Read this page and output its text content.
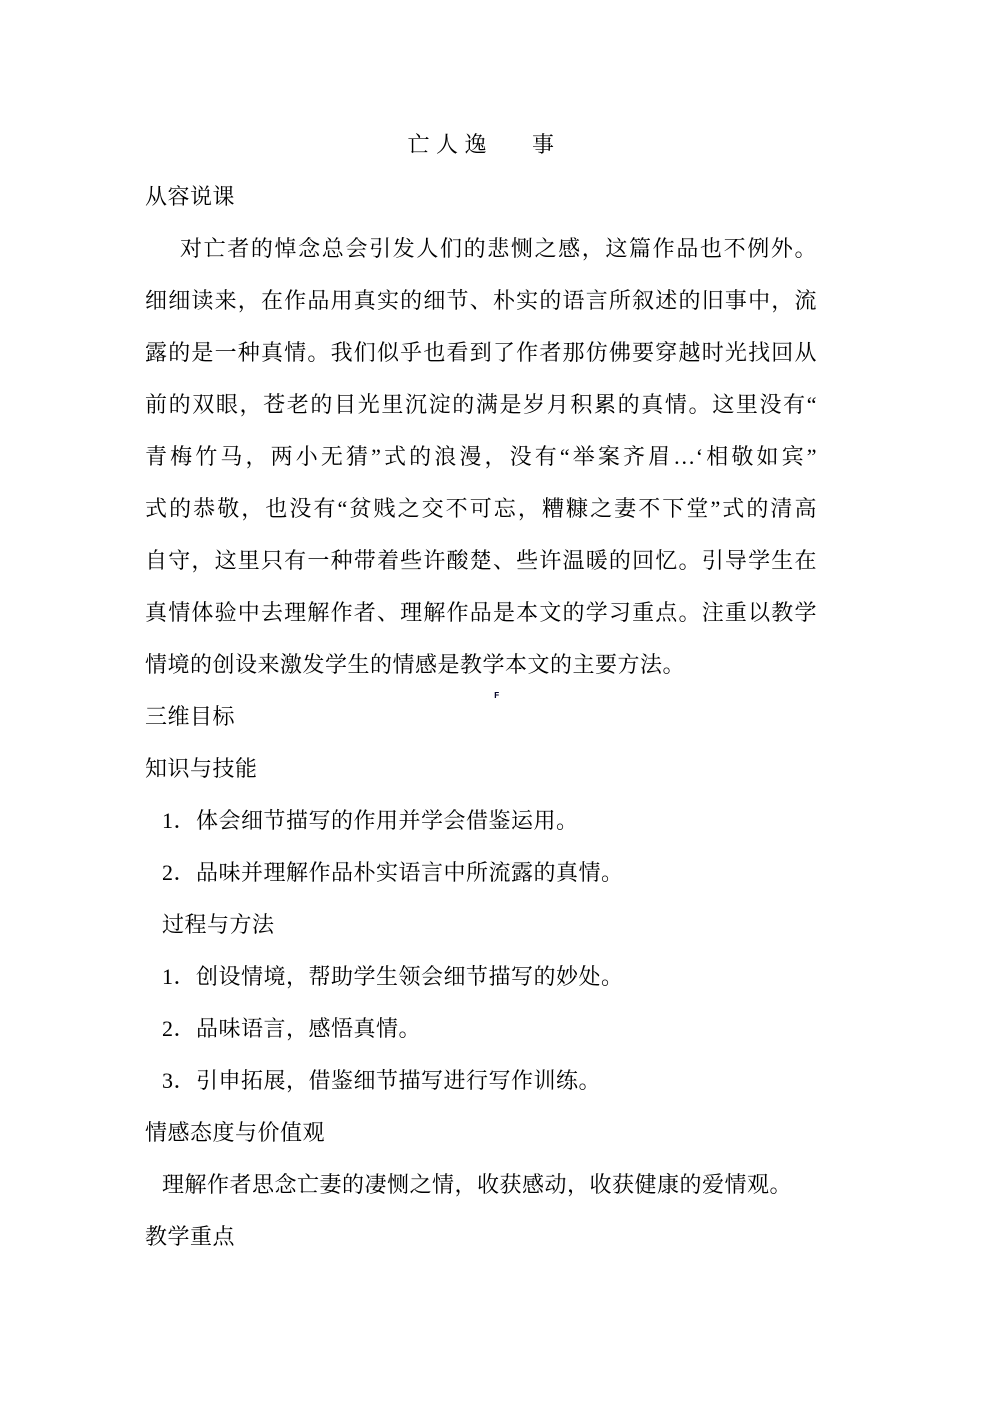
亡 人 逸　　事
从容说课
对亡者的悼念总会引发人们的悲恻之感，这篇作品也不例外。
细细读来，在作品用真实的细节、朴实的语言所叙述的旧事中，流
露的是一种真情。我们似乎也看到了作者那仿佛要穿越时光找回从
前的双眼，苍老的目光里沉淀的满是岁月积累的真情。这里没有“
青梅竹马，两小无猜”式的浪漫，没有“举案齐眉…‘相敬如宾”
式的恭敬，也没有“贫贱之交不可忘，糟糠之妻不下堂”式的清高
自守，这里只有一种带着些许酸楚、些许温暖的回忆。引导学生在
真情体验中去理解作者、理解作品是本文的学习重点。注重以教学
情境的创设来激发学生的情感是教学本文的主要方法。
三维目标
知识与技能
1．体会细节描写的作用并学会借鉴运用。
2．品味并理解作品朴实语言中所流露的真情。
过程与方法
1．创设情境，帮助学生领会细节描写的妙处。
2．品味语言，感悟真情。
3．引申拓展，借鉴细节描写进行写作训练。
情感态度与价值观
理解作者思念亡妻的凄恻之情，收获感动，收获健康的爱情观。
教学重点
F
